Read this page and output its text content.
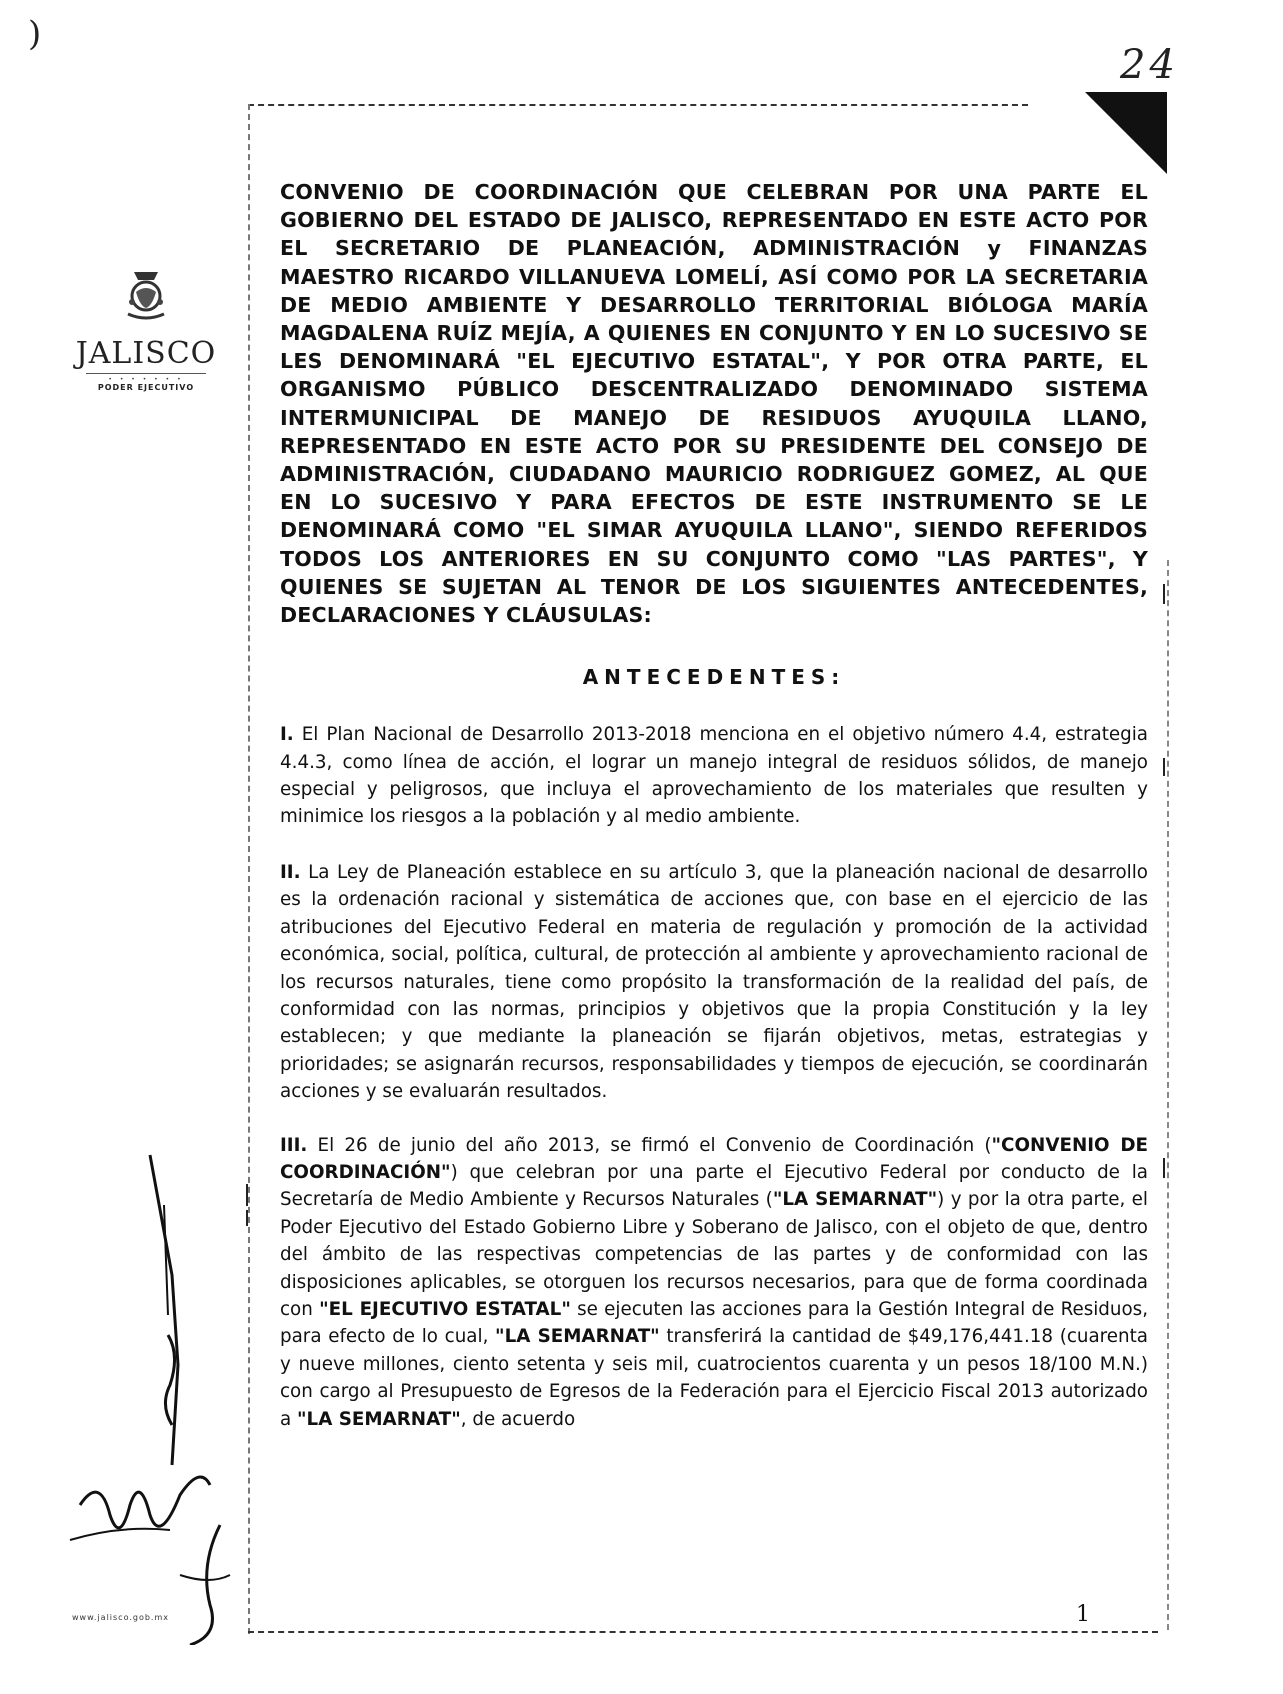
)
24
JALISCO
• • • • • • •
PODER EJECUTIVO
www.jalisco.gob.mx
CONVENIO DE COORDINACIÓN QUE CELEBRAN POR UNA PARTE EL GOBIERNO DEL ESTADO DE JALISCO, REPRESENTADO EN ESTE ACTO POR EL SECRETARIO DE PLANEACIÓN, ADMINISTRACIÓN y FINANZAS MAESTRO RICARDO VILLANUEVA LOMELÍ, ASÍ COMO POR LA SECRETARIA DE MEDIO AMBIENTE Y DESARROLLO TERRITORIAL BIÓLOGA MARÍA MAGDALENA RUÍZ MEJÍA, A QUIENES EN CONJUNTO Y EN LO SUCESIVO SE LES DENOMINARÁ "EL EJECUTIVO ESTATAL", Y POR OTRA PARTE, EL ORGANISMO PÚBLICO DESCENTRALIZADO DENOMINADO SISTEMA INTERMUNICIPAL DE MANEJO DE RESIDUOS AYUQUILA LLANO, REPRESENTADO EN ESTE ACTO POR SU PRESIDENTE DEL CONSEJO DE ADMINISTRACIÓN, CIUDADANO MAURICIO RODRIGUEZ GOMEZ, AL QUE EN LO SUCESIVO Y PARA EFECTOS DE ESTE INSTRUMENTO SE LE DENOMINARÁ COMO "EL SIMAR AYUQUILA LLANO", SIENDO REFERIDOS TODOS LOS ANTERIORES EN SU CONJUNTO COMO "LAS PARTES", Y QUIENES SE SUJETAN AL TENOR DE LOS SIGUIENTES ANTECEDENTES, DECLARACIONES Y CLÁUSULAS:
ANTECEDENTES:
I. El Plan Nacional de Desarrollo 2013-2018 menciona en el objetivo número 4.4, estrategia 4.4.3, como línea de acción, el lograr un manejo integral de residuos sólidos, de manejo especial y peligrosos, que incluya el aprovechamiento de los materiales que resulten y minimice los riesgos a la población y al medio ambiente.
II. La Ley de Planeación establece en su artículo 3, que la planeación nacional de desarrollo es la ordenación racional y sistemática de acciones que, con base en el ejercicio de las atribuciones del Ejecutivo Federal en materia de regulación y promoción de la actividad económica, social, política, cultural, de protección al ambiente y aprovechamiento racional de los recursos naturales, tiene como propósito la transformación de la realidad del país, de conformidad con las normas, principios y objetivos que la propia Constitución y la ley establecen; y que mediante la planeación se fijarán objetivos, metas, estrategias y prioridades; se asignarán recursos, responsabilidades y tiempos de ejecución, se coordinarán acciones y se evaluarán resultados.
III. El 26 de junio del año 2013, se firmó el Convenio de Coordinación ("CONVENIO DE COORDINACIÓN") que celebran por una parte el Ejecutivo Federal por conducto de la Secretaría de Medio Ambiente y Recursos Naturales ("LA SEMARNAT") y por la otra parte, el Poder Ejecutivo del Estado Gobierno Libre y Soberano de Jalisco, con el objeto de que, dentro del ámbito de las respectivas competencias de las partes y de conformidad con las disposiciones aplicables, se otorguen los recursos necesarios, para que de forma coordinada con "EL EJECUTIVO ESTATAL" se ejecuten las acciones para la Gestión Integral de Residuos, para efecto de lo cual, "LA SEMARNAT" transferirá la cantidad de $49,176,441.18 (cuarenta y nueve millones, ciento setenta y seis mil, cuatrocientos cuarenta y un pesos 18/100 M.N.) con cargo al Presupuesto de Egresos de la Federación para el Ejercicio Fiscal 2013 autorizado a "LA SEMARNAT", de acuerdo
1
